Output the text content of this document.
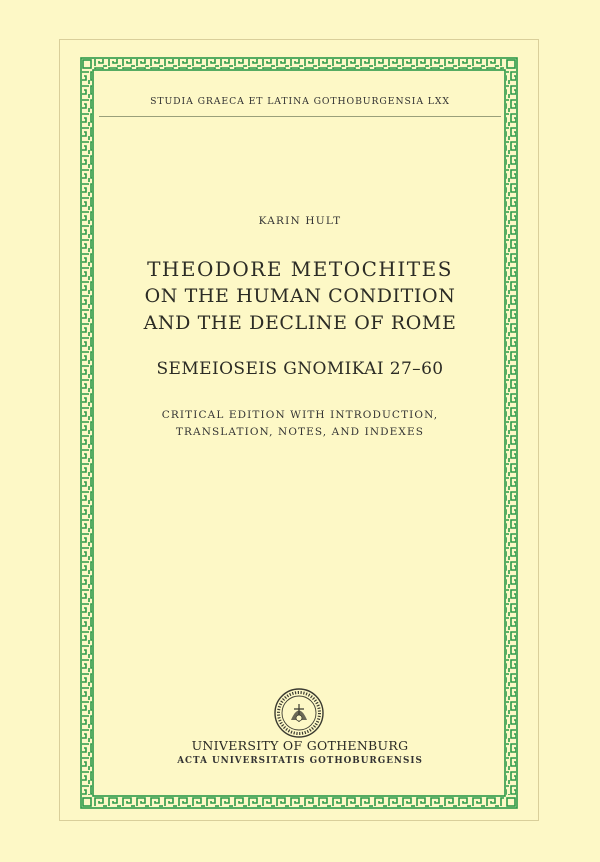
STUDIA GRAECA ET LATINA GOTHOBURGENSIA LXX
KARIN HULT
THEODORE METOCHITES
ON THE HUMAN CONDITION
AND THE DECLINE OF ROME
SEMEIOSEIS GNOMIKAI 27–60
CRITICAL EDITION WITH INTRODUCTION,
TRANSLATION, NOTES, AND INDEXES
UNIVERSITY OF GOTHENBURG
ACTA UNIVERSITATIS GOTHOBURGENSIS
